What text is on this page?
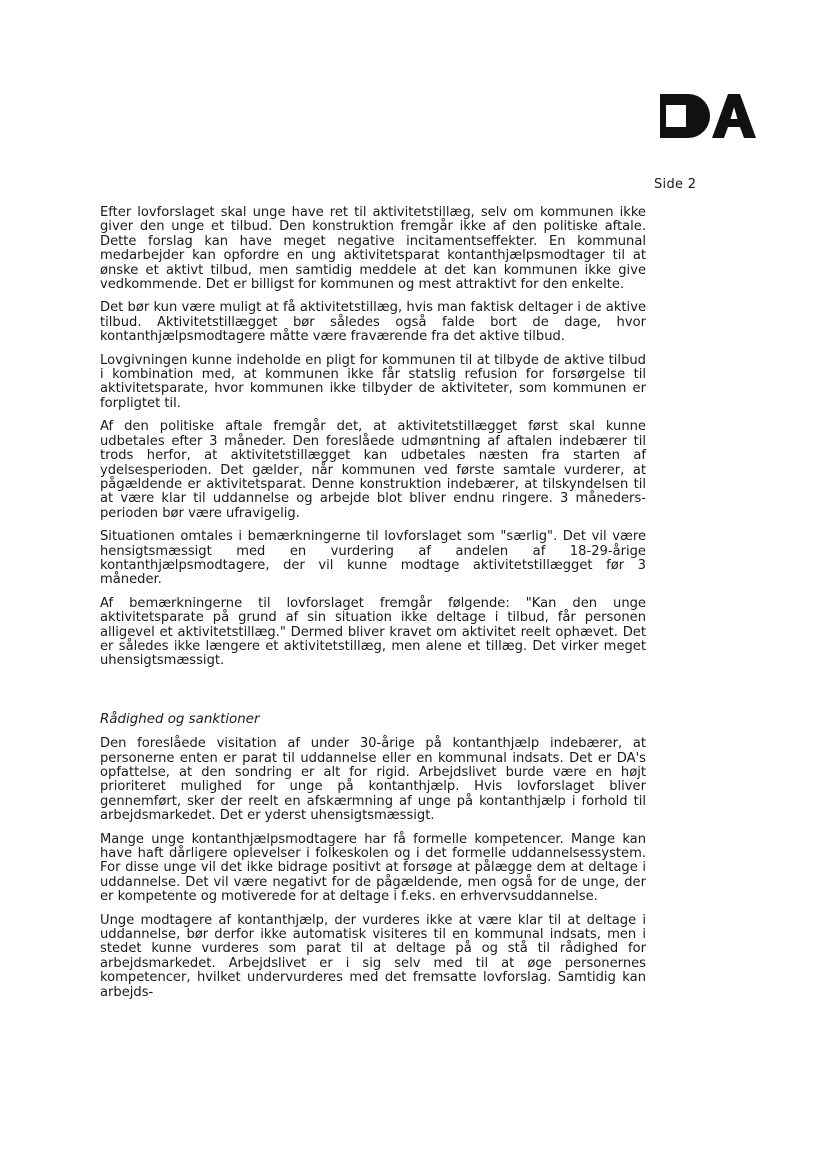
Side 2

Efter lovforslaget skal unge have ret til aktivitetstillæg, selv om kommunen ikke giver den unge et tilbud. Den konstruktion fremgår ikke af den politiske aftale. Dette forslag kan have meget negative incitamentseffekter. En kommunal medarbejder kan opfordre en ung aktivitetsparat kontanthjælpsmodtager til at ønske et aktivt tilbud, men samtidig meddele at det kan kommunen ikke give vedkommende. Det er billigst for kommunen og mest attraktivt for den enkelte.

Det bør kun være muligt at få aktivitetstillæg, hvis man faktisk deltager i de aktive tilbud. Aktivitetstillægget bør således også falde bort de dage, hvor kontanthjælpsmodtagere måtte være fraværende fra det aktive tilbud.

Lovgivningen kunne indeholde en pligt for kommunen til at tilbyde de aktive tilbud i kombination med, at kommunen ikke får statslig refusion for forsørgelse til aktivitetsparate, hvor kommunen ikke tilbyder de aktiviteter, som kommunen er forpligtet til.

Af den politiske aftale fremgår det, at aktivitetstillægget først skal kunne udbetales efter 3 måneder. Den foreslåede udmøntning af aftalen indebærer til trods herfor, at aktivitetstillægget kan udbetales næsten fra starten af ydelsesperioden. Det gælder, når kommunen ved første samtale vurderer, at pågældende er aktivitetsparat. Denne konstruktion indebærer, at tilskyndelsen til at være klar til uddannelse og arbejde blot bliver endnu ringere. 3 måneders-perioden bør være ufravigelig.

Situationen omtales i bemærkningerne til lovforslaget som "særlig". Det vil være hensigtsmæssigt med en vurdering af andelen af 18-29-årige kontanthjælpsmodtagere, der vil kunne modtage aktivitetstillægget før 3 måneder.

Af bemærkningerne til lovforslaget fremgår følgende: "Kan den unge aktivitetsparate på grund af sin situation ikke deltage i tilbud, får personen alligevel et aktivitetstillæg." Dermed bliver kravet om aktivitet reelt ophævet. Det er således ikke længere et aktivitetstillæg, men alene et tillæg. Det virker meget uhensigtsmæssigt.

Rådighed og sanktioner

Den foreslåede visitation af under 30-årige på kontanthjælp indebærer, at personerne enten er parat til uddannelse eller en kommunal indsats. Det er DA's opfattelse, at den sondring er alt for rigid. Arbejdslivet burde være en højt prioriteret mulighed for unge på kontanthjælp. Hvis lovforslaget bliver gennemført, sker der reelt en afskærmning af unge på kontanthjælp i forhold til arbejdsmarkedet. Det er yderst uhensigtsmæssigt.

Mange unge kontanthjælpsmodtagere har få formelle kompetencer. Mange kan have haft dårligere oplevelser i folkeskolen og i det formelle uddannelsessystem. For disse unge vil det ikke bidrage positivt at forsøge at pålægge dem at deltage i uddannelse. Det vil være negativt for de pågældende, men også for de unge, der er kompetente og motiverede for at deltage i f.eks. en erhvervsuddannelse.

Unge modtagere af kontanthjælp, der vurderes ikke at være klar til at deltage i uddannelse, bør derfor ikke automatisk visiteres til en kommunal indsats, men i stedet kunne vurderes som parat til at deltage på og stå til rådighed for arbejdsmarkedet. Arbejdslivet er i sig selv med til at øge personernes kompetencer, hvilket undervurderes med det fremsatte lovforslag. Samtidig kan arbejds-
